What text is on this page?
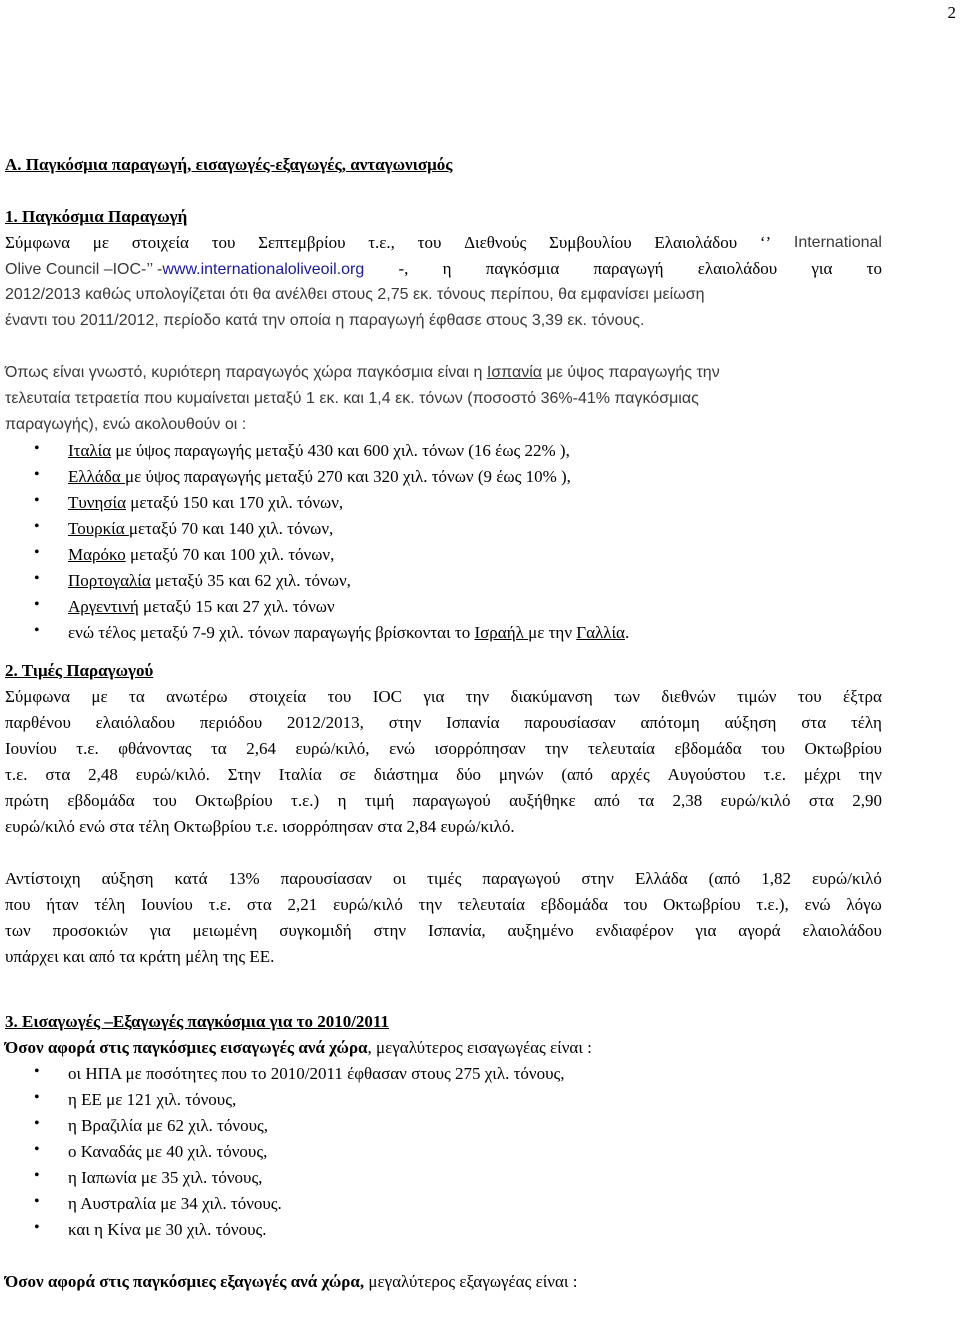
2
Α. Παγκόσμια παραγωγή, εισαγωγές-εξαγωγές, ανταγωνισμός
1. Παγκόσμια Παραγωγή
Σύμφωνα με στοιχεία του Σεπτεμβρίου τ.ε., του Διεθνούς Συμβουλίου Ελαιολάδου ‘’ International
Olive Council –IOC-’’ -www.internationaloliveoil.org -, η παγκόσμια παραγωγή ελαιολάδου για το
2012/2013 καθώς υπολογίζεται ότι θα ανέλθει στους 2,75 εκ. τόνους περίπου, θα εμφανίσει μείωση
έναντι του 2011/2012, περίοδο κατά την οποία η παραγωγή έφθασε στους 3,39 εκ. τόνους.
Όπως είναι γνωστό, κυριότερη παραγωγός χώρα παγκόσμια είναι η Ισπανία με ύψος παραγωγής την
τελευταία τετραετία που κυμαίνεται μεταξύ 1 εκ. και 1,4 εκ. τόνων (ποσοστό 36%-41% παγκόσμιας
παραγωγής), ενώ ακολουθούν οι :
• Ιταλία με ύψος παραγωγής μεταξύ 430 και 600 χιλ. τόνων (16 έως 22% ),
• Ελλάδα με ύψος παραγωγής μεταξύ 270 και 320 χιλ. τόνων (9 έως 10% ),
• Τυνησία μεταξύ 150 και 170 χιλ. τόνων,
• Τουρκία μεταξύ 70 και 140 χιλ. τόνων,
• Μαρόκο μεταξύ 70 και 100 χιλ. τόνων,
• Πορτογαλία μεταξύ 35 και 62 χιλ. τόνων,
• Αργεντινή μεταξύ 15 και 27 χιλ. τόνων
• ενώ τέλος μεταξύ 7-9 χιλ. τόνων παραγωγής βρίσκονται το Ισραήλ με την Γαλλία.
2. Τιμές Παραγωγού
Σύμφωνα με τα ανωτέρω στοιχεία του IOC για την διακύμανση των διεθνών τιμών του έξτρα
παρθένου ελαιόλαδου περιόδου 2012/2013, στην Ισπανία παρουσίασαν απότομη αύξηση στα τέλη
Ιουνίου τ.ε. φθάνοντας τα 2,64 ευρώ/κιλό, ενώ ισορρόπησαν την τελευταία εβδομάδα του Οκτωβρίου
τ.ε. στα 2,48 ευρώ/κιλό. Στην Ιταλία σε διάστημα δύο μηνών (από αρχές Αυγούστου τ.ε. μέχρι την
πρώτη εβδομάδα του Οκτωβρίου τ.ε.) η τιμή παραγωγού αυξήθηκε από τα 2,38 ευρώ/κιλό στα 2,90
ευρώ/κιλό ενώ στα τέλη Οκτωβρίου τ.ε. ισορρόπησαν στα 2,84 ευρώ/κιλό.
Αντίστοιχη αύξηση κατά 13% παρουσίασαν οι τιμές παραγωγού στην Ελλάδα (από 1,82 ευρώ/κιλό
που ήταν τέλη Ιουνίου τ.ε. στα 2,21 ευρώ/κιλό την τελευταία εβδομάδα του Οκτωβρίου τ.ε.), ενώ λόγω
των προσοκιών για μειωμένη συγκομιδή στην Ισπανία, αυξημένο ενδιαφέρον για αγορά ελαιολάδου
υπάρχει και από τα κράτη μέλη της ΕΕ.
3. Εισαγωγές –Εξαγωγές παγκόσμια για το 2010/2011
Όσον αφορά στις παγκόσμιες εισαγωγές ανά χώρα, μεγαλύτερος εισαγωγέας είναι :
• οι ΗΠΑ με ποσότητες που το 2010/2011 έφθασαν στους 275 χιλ. τόνους,
• η ΕΕ με 121 χιλ. τόνους,
• η Βραζιλία με 62 χιλ. τόνους,
• ο Καναδάς με 40 χιλ. τόνους,
• η Ιαπωνία με 35 χιλ. τόνους,
• η Αυστραλία με 34 χιλ. τόνους.
• και η Κίνα με 30 χιλ. τόνους.
Όσον αφορά στις παγκόσμιες εξαγωγές ανά χώρα, μεγαλύτερος εξαγωγέας είναι :
